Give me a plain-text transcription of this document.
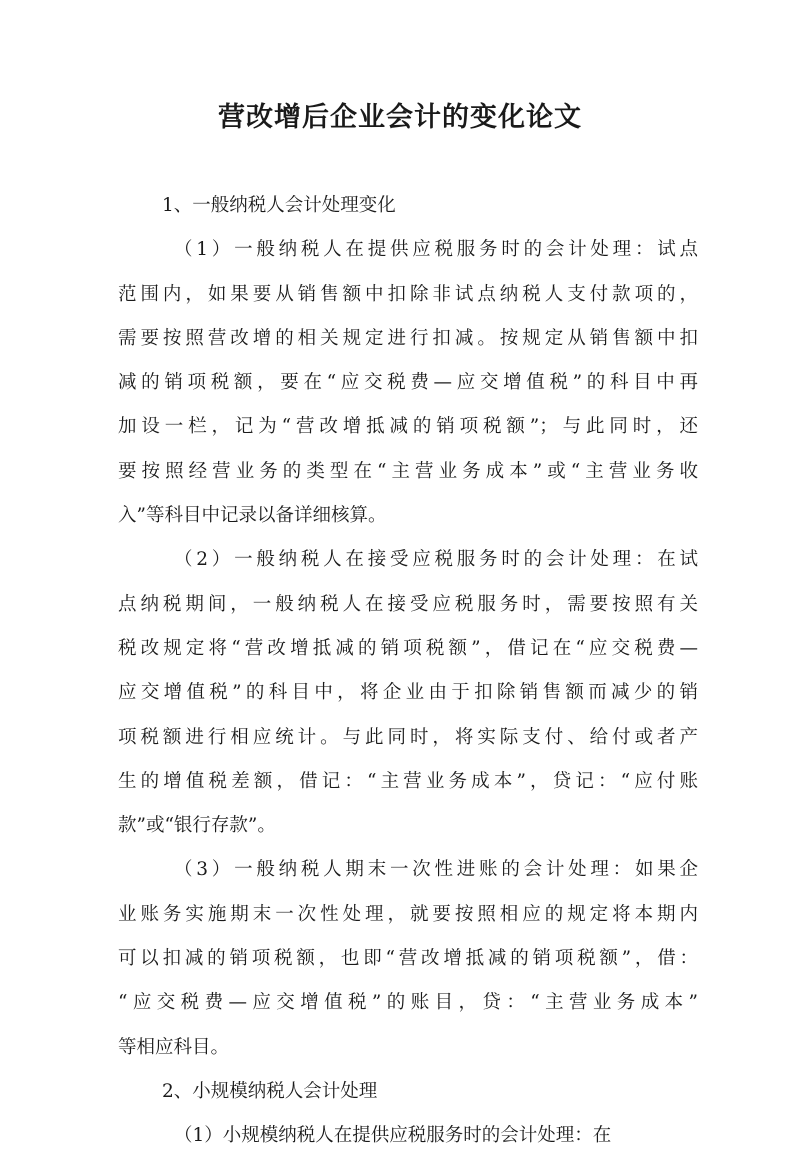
营改增后企业会计的变化论文
1、一般纳税人会计处理变化
（1）一般纳税人在提供应税服务时的会计处理：试点
范围内，如果要从销售额中扣除非试点纳税人支付款项的，
需要按照营改增的相关规定进行扣减。按规定从销售额中扣
减的销项税额，要在“应交税费—应交增值税”的科目中再
加设一栏，记为“营改增抵减的销项税额”；与此同时，还
要按照经营业务的类型在“主营业务成本”或“主营业务收
入”等科目中记录以备详细核算。
（2）一般纳税人在接受应税服务时的会计处理：在试
点纳税期间，一般纳税人在接受应税服务时，需要按照有关
税改规定将“营改增抵减的销项税额”，借记在“应交税费—
应交增值税”的科目中，将企业由于扣除销售额而减少的销
项税额进行相应统计。与此同时，将实际支付、给付或者产
生的增值税差额，借记：“主营业务成本”，贷记：“应付账
款”或“银行存款”。
（3）一般纳税人期末一次性进账的会计处理：如果企
业账务实施期末一次性处理，就要按照相应的规定将本期内
可以扣减的销项税额，也即“营改增抵减的销项税额”，借：
“应交税费—应交增值税”的账目，贷：“主营业务成本”
等相应科目。
2、小规模纳税人会计处理
（1）小规模纳税人在提供应税服务时的会计处理：在
